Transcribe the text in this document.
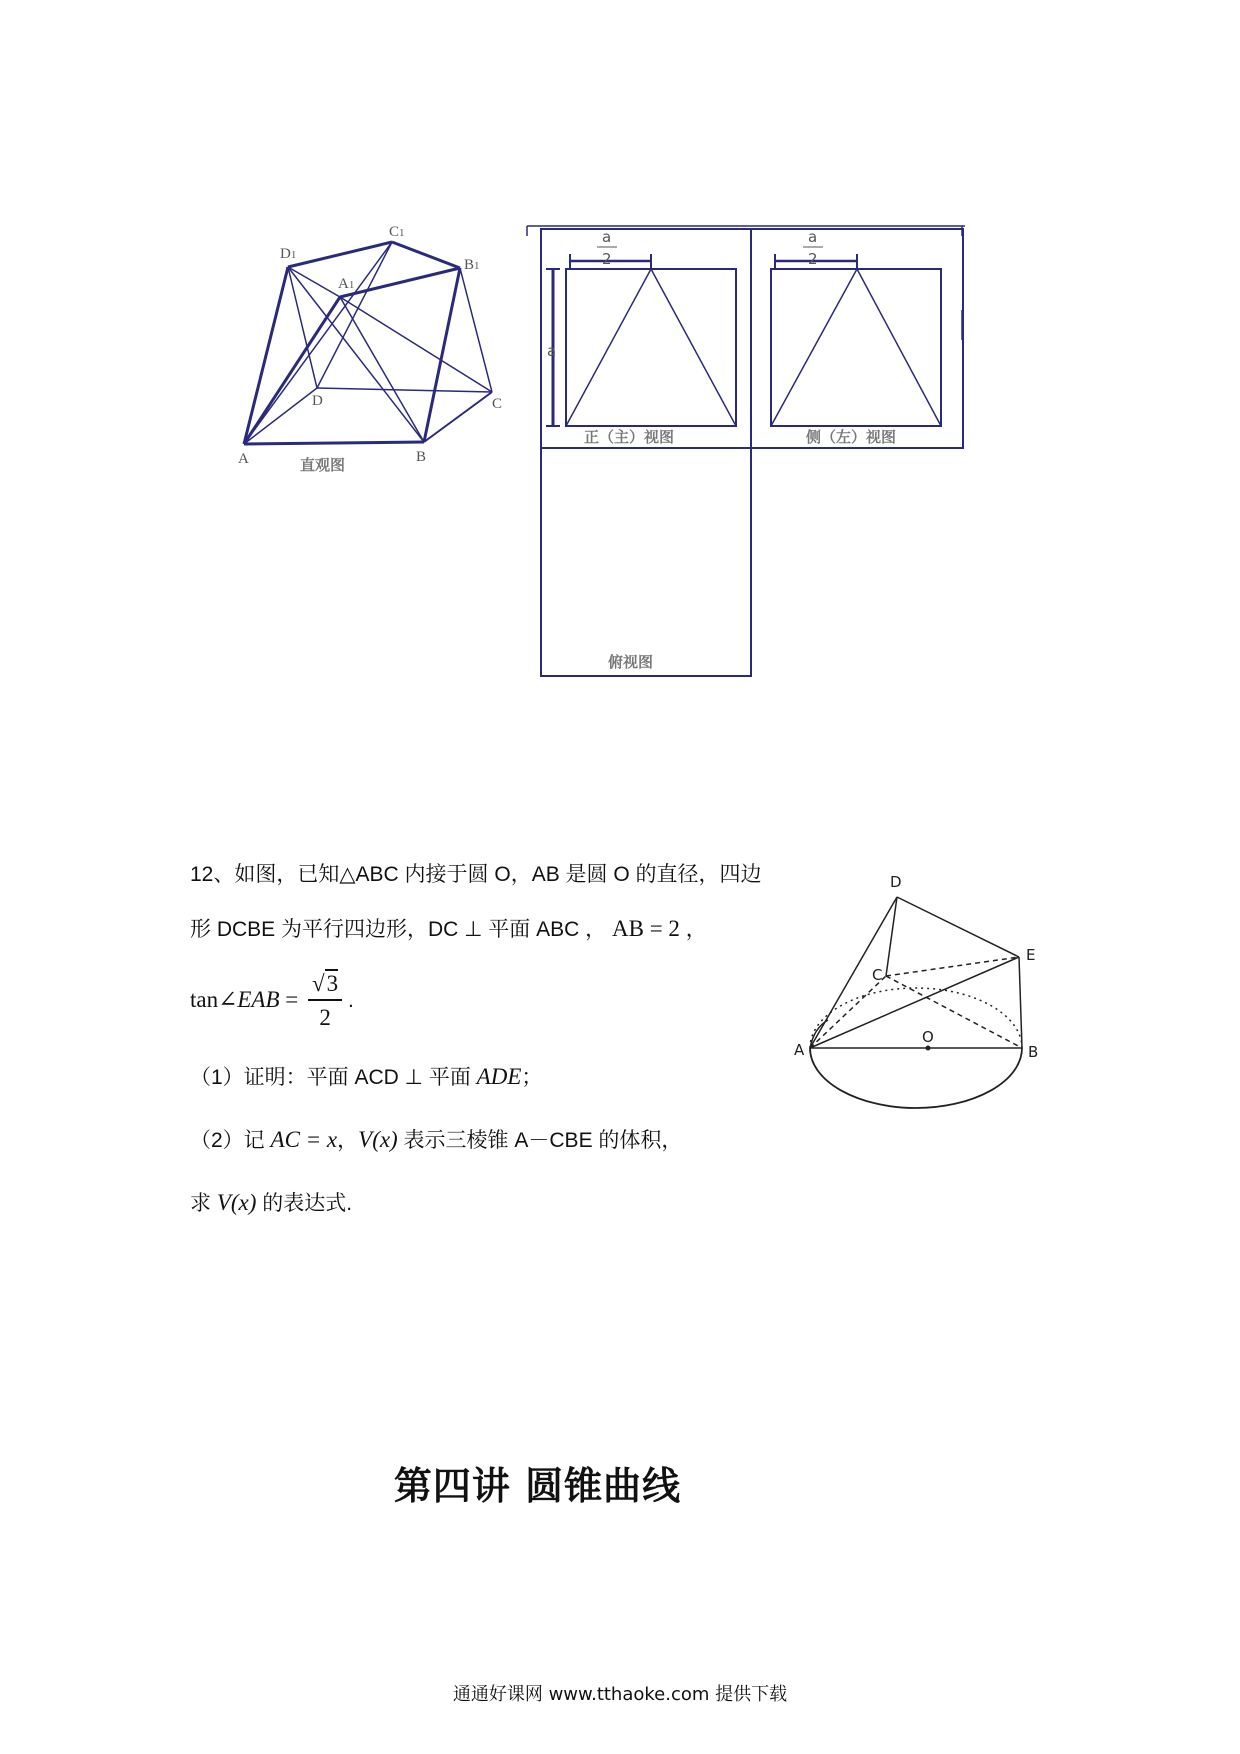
D1
C1
A1
B1
D	C
A	B
直观图
a
2
a
正（主）视图
a
2
侧（左）视图
俯视图
12、如图，已知△ABC 内接于圆 O，AB 是圆 O 的直径，四边
形 DCBE 为平行四边形，DC ⊥ 平面 ABC ， AB = 2 ，
tan∠EAB = $\frac{√3}{2}$ .
（1）证明：平面 ACD ⊥ 平面 ADE；
（2）记 AC = x，V(x) 表示三棱锥 A－CBE 的体积，
求 V(x) 的表达式.
D
E
C
A	B
O
第四讲 圆锥曲线
通通好课网 www.tthaoke.com 提供下载
